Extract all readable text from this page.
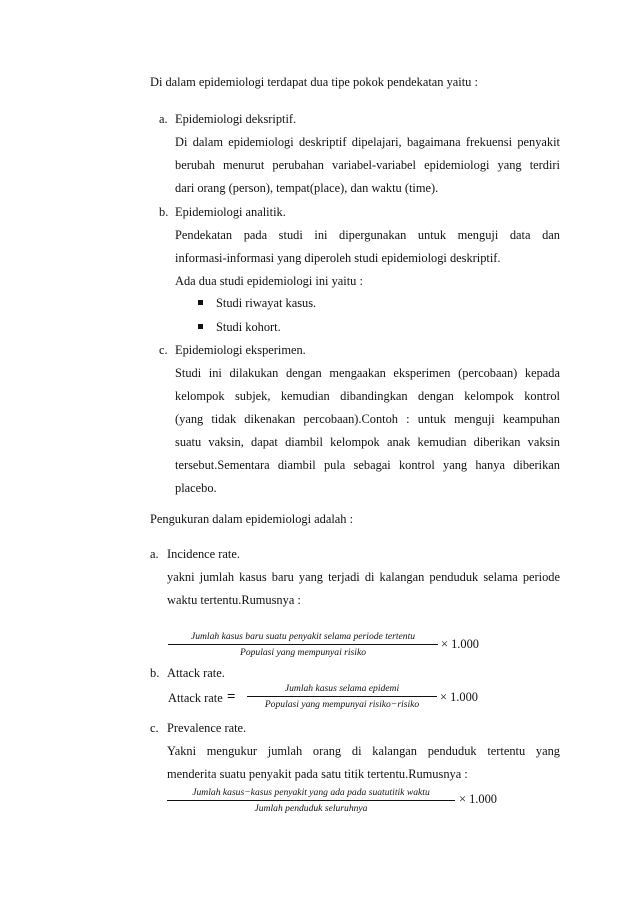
Di dalam epidemiologi terdapat dua tipe pokok pendekatan yaitu :
a. Epidemiologi deksriptif.
Di dalam epidemiologi deskriptif dipelajari, bagaimana frekuensi penyakit
berubah menurut perubahan variabel-variabel epidemiologi yang terdiri
dari orang (person), tempat(place), dan waktu (time).
b. Epidemiologi analitik.
Pendekatan pada studi ini dipergunakan untuk menguji data dan
informasi-informasi yang diperoleh studi epidemiologi deskriptif.
Ada dua studi epidemiologi ini yaitu :
Studi riwayat kasus.
Studi kohort.
c. Epidemiologi eksperimen.
Studi ini dilakukan dengan mengaakan eksperimen (percobaan) kepada
kelompok subjek, kemudian dibandingkan dengan kelompok kontrol
(yang tidak dikenakan percobaan).Contoh : untuk menguji keampuhan
suatu vaksin, dapat diambil kelompok anak kemudian diberikan vaksin
tersebut.Sementara diambil pula sebagai kontrol yang hanya diberikan
placebo.
Pengukuran dalam epidemiologi adalah :
a. Incidence rate.
yakni jumlah kasus baru yang terjadi di kalangan penduduk selama periode
waktu tertentu.Rumusnya :
Jumlah kasus baru suatu penyakit selama periode tertentu
Populasi yang mempunyai risiko
× 1.000
b. Attack rate.
Attack rate =
Jumlah kasus selama epidemi
Populasi yang mempunyai risiko−risiko
× 1.000
c. Prevalence rate.
Yakni mengukur jumlah orang di kalangan penduduk tertentu yang
menderita suatu penyakit pada satu titik tertentu.Rumusnya :
Jumlah kasus−kasus penyakit yang ada pada suatutitik waktu
Jumlah penduduk seluruhnya
× 1.000
